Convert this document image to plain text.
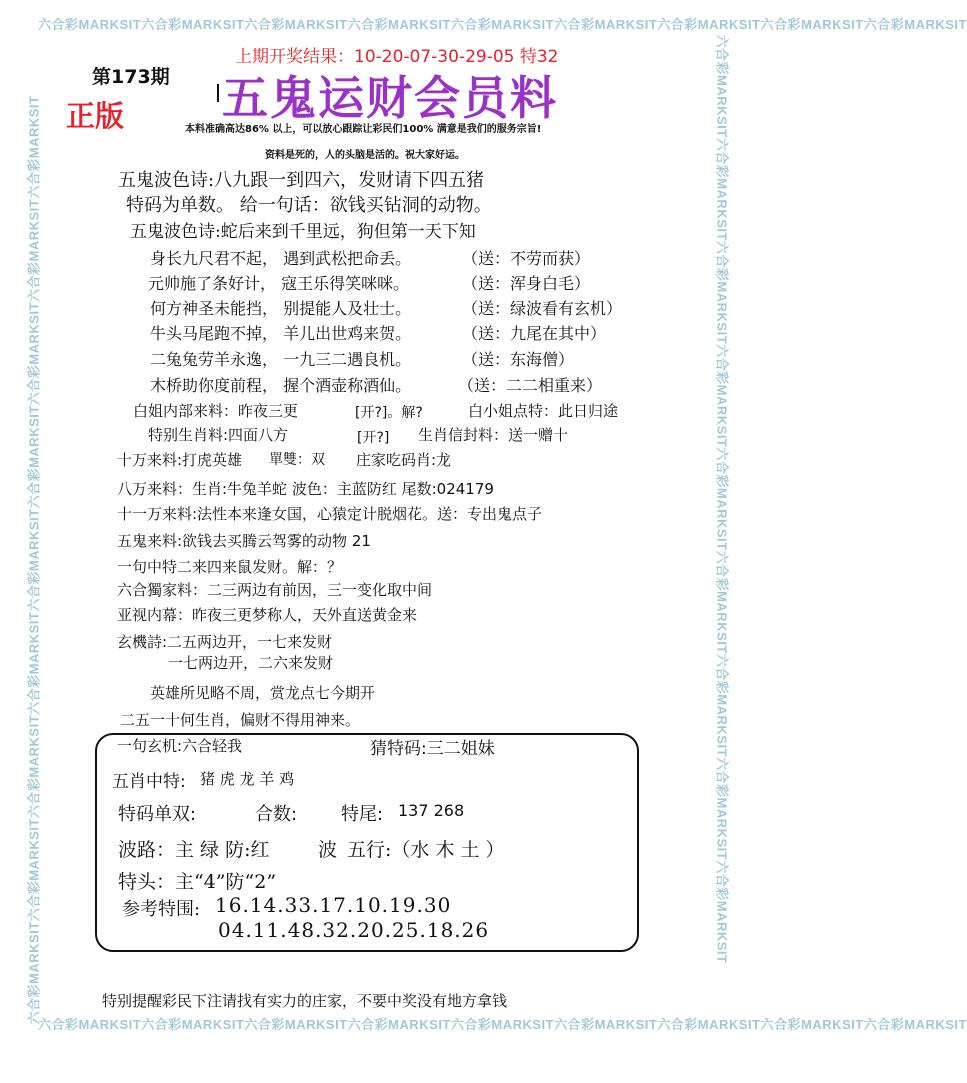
六合彩MARKSIT六合彩MARKSIT六合彩MARKSIT六合彩MARKSIT六合彩MARKSIT六合彩MARKSIT六合彩MARKSIT六合彩MARKSIT六合彩MARKSIT
六合彩MARKSIT六合彩MARKSIT六合彩MARKSIT六合彩MARKSIT六合彩MARKSIT六合彩MARKSIT六合彩MARKSIT六合彩MARKSIT六合彩MARKSIT
六合彩MARKSIT六合彩MARKSIT六合彩MARKSIT六合彩MARKSIT六合彩MARKSIT六合彩MARKSIT六合彩MARKSIT六合彩MARKSIT六合彩MARKSIT	六合彩MARKSIT六合彩MARKSIT六合彩MARKSIT六合彩MARKSIT六合彩MARKSIT六合彩MARKSIT六合彩MARKSIT六合彩MARKSIT六合彩MARKSIT
上期开奖结果：10-20-07-30-29-05 特32
第173期
正版 五鬼运财会员料
本料准确高达86% 以上，可以放心跟踪让彩民们100% 满意是我们的服务宗旨!
资料是死的，人的头脑是活的。祝大家好运。
五鬼波色诗:八九跟一到四六，发财请下四五猪
特码为单数。 给一句话：欲钱买钻洞的动物。
五鬼波色诗:蛇后来到千里远，狗但第一天下知
身长九尺君不起， 遇到武松把命丢。	（送：不劳而获）
元帅施了条好计， 寇王乐得笑咪咪。	（送：浑身白毛）
何方神圣未能挡， 别提能人及壮士。	（送：绿波看有玄机）
牛头马尾跑不掉， 羊儿出世鸡来贺。	（送：九尾在其中）
二兔兔劳羊永逸， 一九三二遇良机。	（送：东海僧）
木桥助你度前程， 握个酒壶称酒仙。	（送：二二相重来）
白姐内部来料：昨夜三更	[开?]。解?	白小姐点特：此日归途
特别生肖料:四面八方	[开?] 生肖信封料：送一赠十
十万来料:打虎英雄 單雙：双 庄家吃码肖:龙
八万来料：生肖:牛兔羊蛇 波色：主蓝防红 尾数:024179
十一万来料:法性本来逢女国，心猿定计脱烟花。送：专出鬼点子
五鬼来料:欲钱去买腾云驾雾的动物 21
一句中特二来四来鼠发财。解：？
六合獨家料：二三两边有前因，三一变化取中间
亚视内幕：昨夜三更梦称人，天外直送黄金来
玄機詩:二五两边开，一七来发财
一七两边开，二六来发财
英雄所见略不周，赏龙点七今期开
二五一十何生肖，偏财不得用神来。
一句玄机:六合轻我	猜特码:三二姐妹
五肖中特: 猪 虎 龙 羊 鸡
特码单双:	合数: 特尾: 137 268
波路：主 绿 防:红	波 五行:（水 木 土 ）
特头：主“4”防“2”
参考特围: 16.14.33.17.10.19.30
04.11.48.32.20.25.18.26
特别提醒彩民下注请找有实力的庄家，不要中奖没有地方拿钱
